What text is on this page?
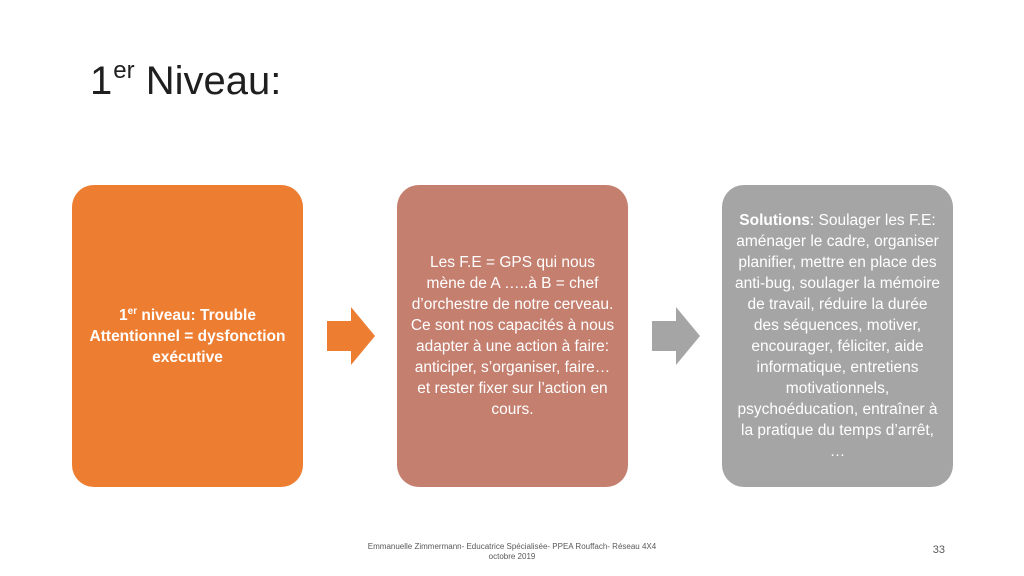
1er Niveau:
1er niveau: Trouble Attentionnel = dysfonction exécutive
Les F.E = GPS qui nous mène de A …..à B = chef d’orchestre de notre cerveau. Ce sont nos capacités à nous adapter à une action à faire: anticiper, s’organiser, faire… et rester fixer sur l’action en cours.
Solutions: Soulager les F.E: aménager le cadre, organiser planifier, mettre en place des anti-bug, soulager la mémoire de travail, réduire la durée des séquences, motiver, encourager, féliciter, aide informatique, entretiens motivationnels, psychoéducation, entraîner à la pratique du temps d’arrêt, …
Emmanuelle Zimmermann- Educatrice Spécialisée- PPEA Rouffach- Réseau 4X4
octobre 2019
33
